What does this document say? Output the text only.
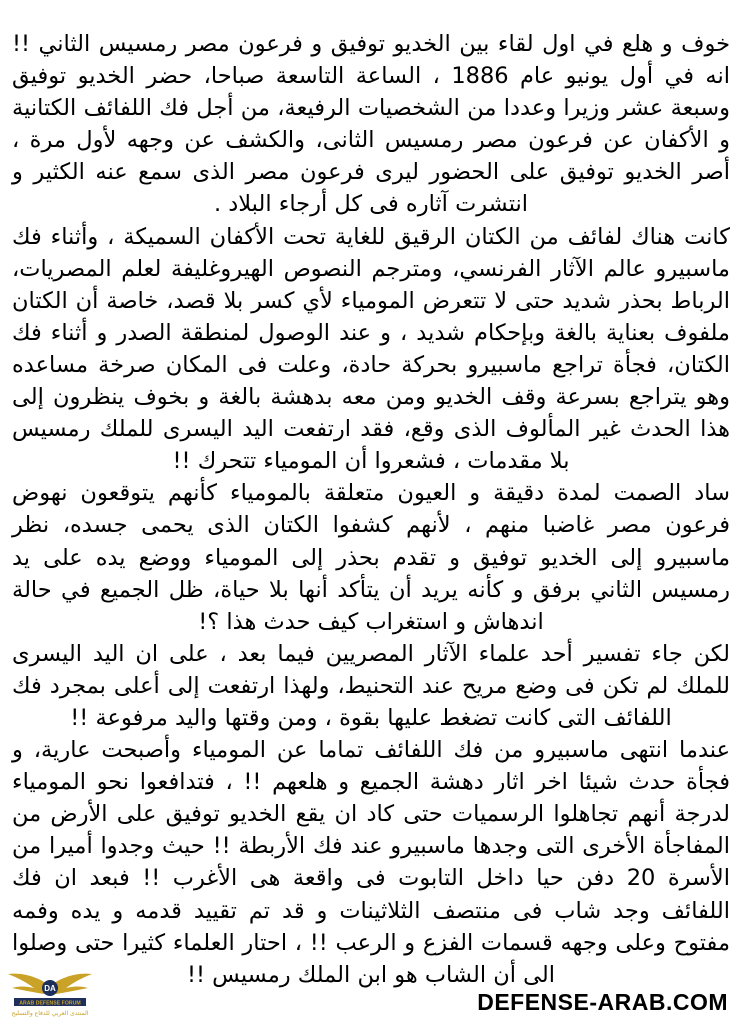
خوف و هلع في اول لقاء بين الخديو توفيق و فرعون مصر رمسيس الثاني !! انه في أول يونيو عام 1886 ، الساعة التاسعة صباحا، حضر الخديو توفيق وسبعة عشر وزيرا وعددا من الشخصيات الرفيعة، من أجل فك اللفائف الكتانية و الأكفان عن فرعون مصر رمسيس الثانى، والكشف عن وجهه لأول مرة ، أصر الخديو توفيق على الحضور ليرى فرعون مصر الذى سمع عنه الكثير و انتشرت آثاره فى كل أرجاء البلاد .

كانت هناك لفائف من الكتان الرقيق للغاية تحت الأكفان السميكة ، وأثناء فك ماسبيرو عالم الآثار الفرنسي، ومترجم النصوص الهيروغليفة لعلم المصريات، الرباط بحذر شديد حتى لا تتعرض المومياء لأي كسر بلا قصد، خاصة أن الكتان ملفوف بعناية بالغة وبإحكام شديد ، و عند الوصول لمنطقة الصدر و أثناء فك الكتان، فجأة تراجع ماسبيرو بحركة حادة، وعلت فى المكان صرخة مساعده وهو يتراجع بسرعة وقف الخديو ومن معه بدهشة بالغة و بخوف ينظرون إلى هذا الحدث غير المألوف الذى وقع، فقد ارتفعت اليد اليسرى للملك رمسيس بلا مقدمات ، فشعروا أن المومياء تتحرك !!

ساد الصمت لمدة دقيقة و العيون متعلقة بالمومياء كأنهم يتوقعون نهوض فرعون مصر غاضبا منهم ، لأنهم كشفوا الكتان الذى يحمى جسده، نظر ماسبيرو إلى الخديو توفيق و تقدم بحذر إلى المومياء ووضع يده على يد رمسيس الثاني برفق و كأنه يريد أن يتأكد أنها بلا حياة، ظل الجميع في حالة اندهاش و استغراب كيف حدث هذا ؟!

لكن جاء تفسير أحد علماء الآثار المصريين فيما بعد ، على ان اليد اليسرى للملك لم تكن فى وضع مريح عند التحنيط، ولهذا ارتفعت إلى أعلى بمجرد فك اللفائف التى كانت تضغط عليها بقوة ، ومن وقتها واليد مرفوعة !!

عندما انتهى ماسبيرو من فك اللفائف تماما عن المومياء وأصبحت عارية، و فجأة حدث شيئا اخر اثار دهشة الجميع و هلعهم !! ، فتدافعوا نحو المومياء لدرجة أنهم تجاهلوا الرسميات حتى كاد ان يقع الخديو توفيق على الأرض من المفاجأة الأخرى التى وجدها ماسبيرو عند فك الأربطة !! حيث وجدوا أميرا من الأسرة 20 دفن حيا داخل التابوت فى واقعة هى الأغرب !! فبعد ان فك اللفائف وجد شاب فى منتصف الثلاثينات و قد تم تقييد قدمه و يده وفمه مفتوح وعلى وجهه قسمات الفزع و الرعب !! ، احتار العلماء كثيرا حتى وصلوا الى أن الشاب هو ابن الملك رمسيس !!

DA
ARAB DEFENSE FORUM
المنتدى العربي للدفاع والتسليح	DEFENSE-ARAB.COM
